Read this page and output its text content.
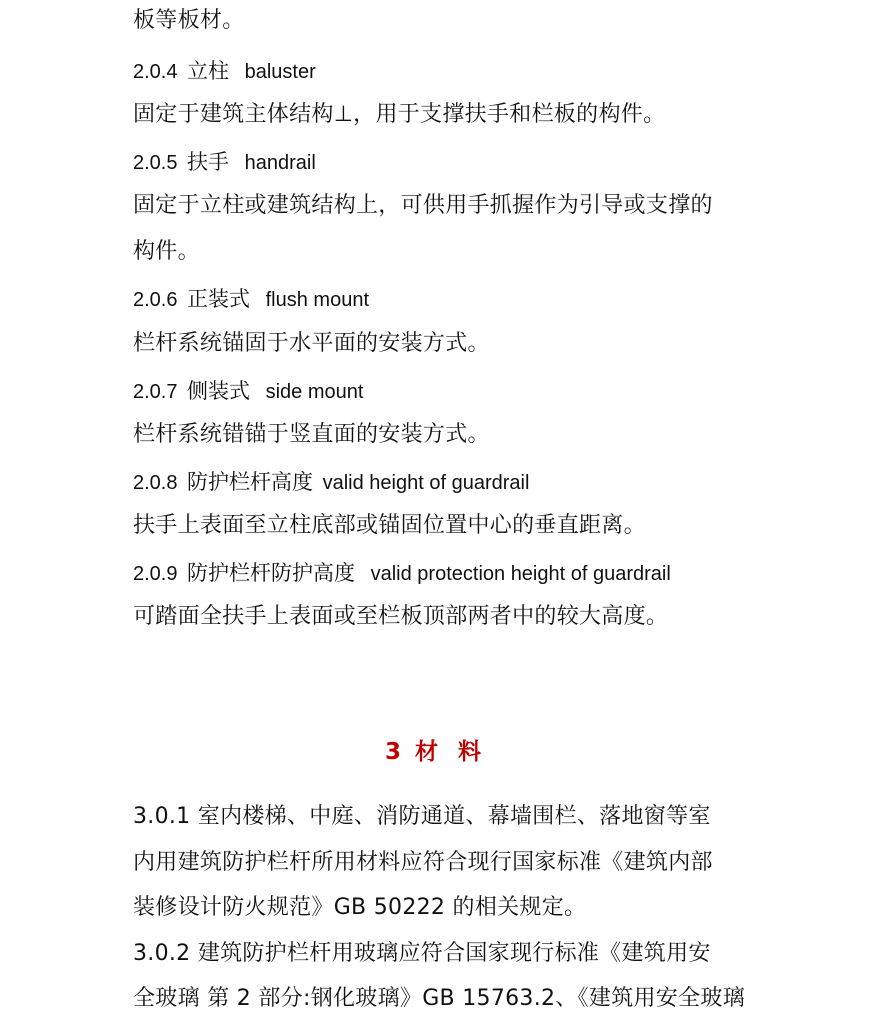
板等板材。

2.0.4 立柱 baluster

固定于建筑主体结构⊥，用于支撑扶手和栏板的构件。

2.0.5 扶手 handrail

固定于立柱或建筑结构上，可供用手抓握作为引导或支撑的

构件。

2.0.6 正装式 flush mount

栏杆系统锚固于水平面的安装方式。

2.0.7 侧装式 side mount

栏杆系统错锚于竖直面的安装方式。

2.0.8 防护栏杆高度 valid height of guardrail

扶手上表面至立柱底部或锚固位置中心的垂直距离。

2.0.9 防护栏杆防护高度 valid protection height of guardrail

可踏面全扶手上表面或至栏板顶部两者中的较大高度。

3 材 料

3.0.1 室内楼梯、中庭、消防通道、幕墙围栏、落地窗等室

内用建筑防护栏杆所用材料应符合现行国家标准《建筑内部

装修设计防火规范》GB 50222 的相关规定。

3.0.2 建筑防护栏杆用玻璃应符合国家现行标准《建筑用安

全玻璃 第 2 部分:钢化玻璃》GB 15763.2、《建筑用安全玻璃
